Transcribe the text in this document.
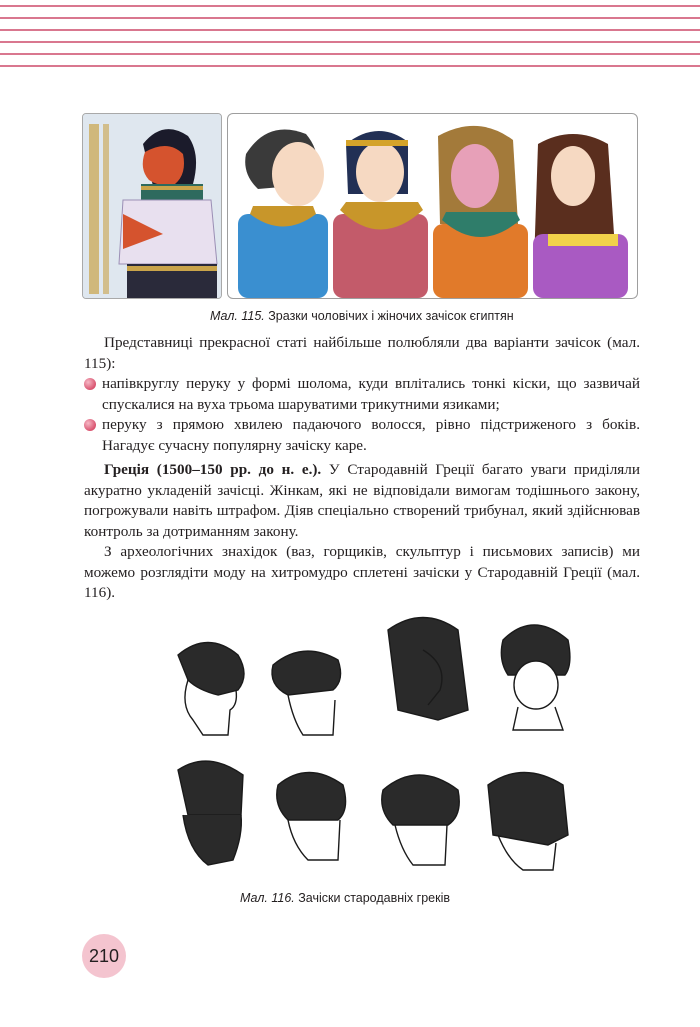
Мал. 115. Зразки чоловічих і жіночих зачісок єгиптян

Представниці прекрасної статі найбільше полюбляли два варіанти зачісок (мал. 115):

напівкруглу перуку у формі шолома, куди вплітались тонкі кіски, що зазвичай спускалися на вуха трьома шаруватими трикутними язиками;
перуку з прямою хвилею падаючого волосся, рівно підстриженого з боків. Нагадує сучасну популярну зачіску каре.

Греція (1500–150 рр. до н. е.). У Стародавній Греції багато уваги приділяли акуратно укладеній зачісці. Жінкам, які не відповідали вимогам тодішнього закону, погрожували навіть штрафом. Діяв спеціально створений трибунал, який здійснював контроль за дотриманням закону.

З археологічних знахідок (ваз, горщиків, скульптур і письмових записів) ми можемо розглядіти моду на хитромудро сплетені зачіски у Стародавній Греції (мал. 116).

Мал. 116. Зачіски стародавніх греків
210
